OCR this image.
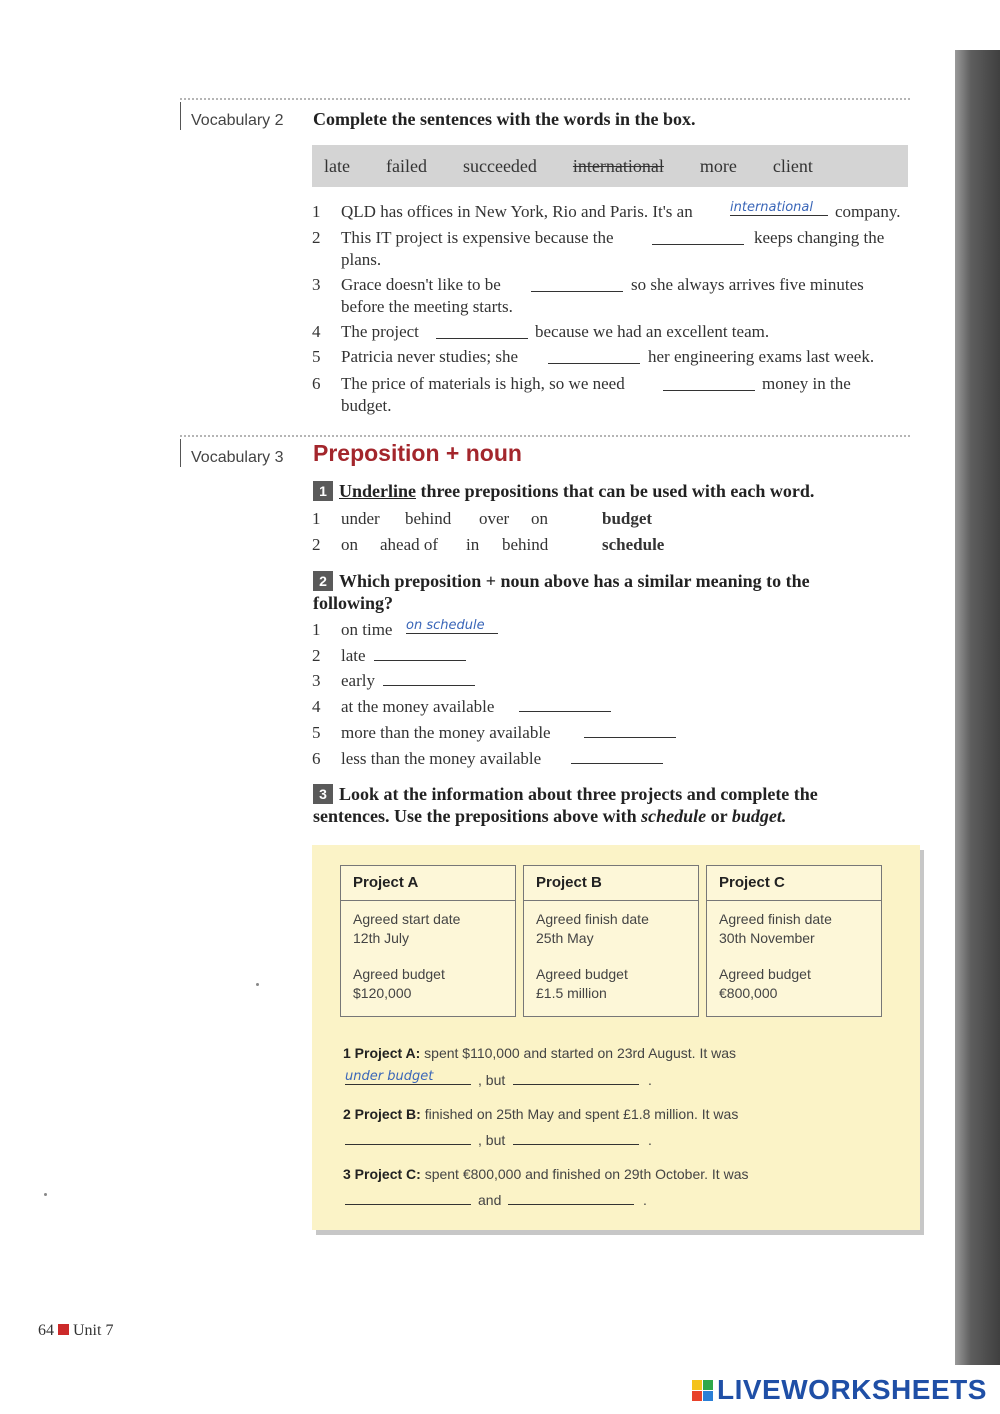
Vocabulary 2 Complete the sentences with the words in the box.
late failed succeeded international more client
1	QLD has offices in New York, Rio and Paris. It's an	company.
international
2	This IT project is expensive because the	keeps changing the
plans.
3	Grace doesn't like to be	so she always arrives five minutes
before the meeting starts.
4	The project	because we had an excellent team.
5	Patricia never studies; she	her engineering exams last week.
6	The price of materials is high, so we need	money in the
budget.
Vocabulary 3 Preposition + noun
1 Underline three prepositions that can be used with each word.
1 under behind over on	budget
2 on ahead of in behind	schedule
2 Which preposition + noun above has a similar meaning to the
following?
1	on time on schedule
2	late
3	early
4	at the money available
5	more than the money available
6	less than the money available
3 Look at the information about three projects and complete the
sentences. Use the prepositions above with schedule or budget.
Project A
Agreed start date
12th July
Agreed budget
$120,000
Project B
Agreed finish date
25th May
Agreed budget
£1.5 million
Project C
Agreed finish date
30th November
Agreed budget
€800,000
1 Project A: spent $110,000 and started on 23rd August. It was
under budget	, but	.
2 Project B: finished on 25th May and spent £1.8 million. It was
, but	.
3 Project C: spent €800,000 and finished on 29th October. It was
and	.
64 Unit 7
LIVEWORKSHEETS
